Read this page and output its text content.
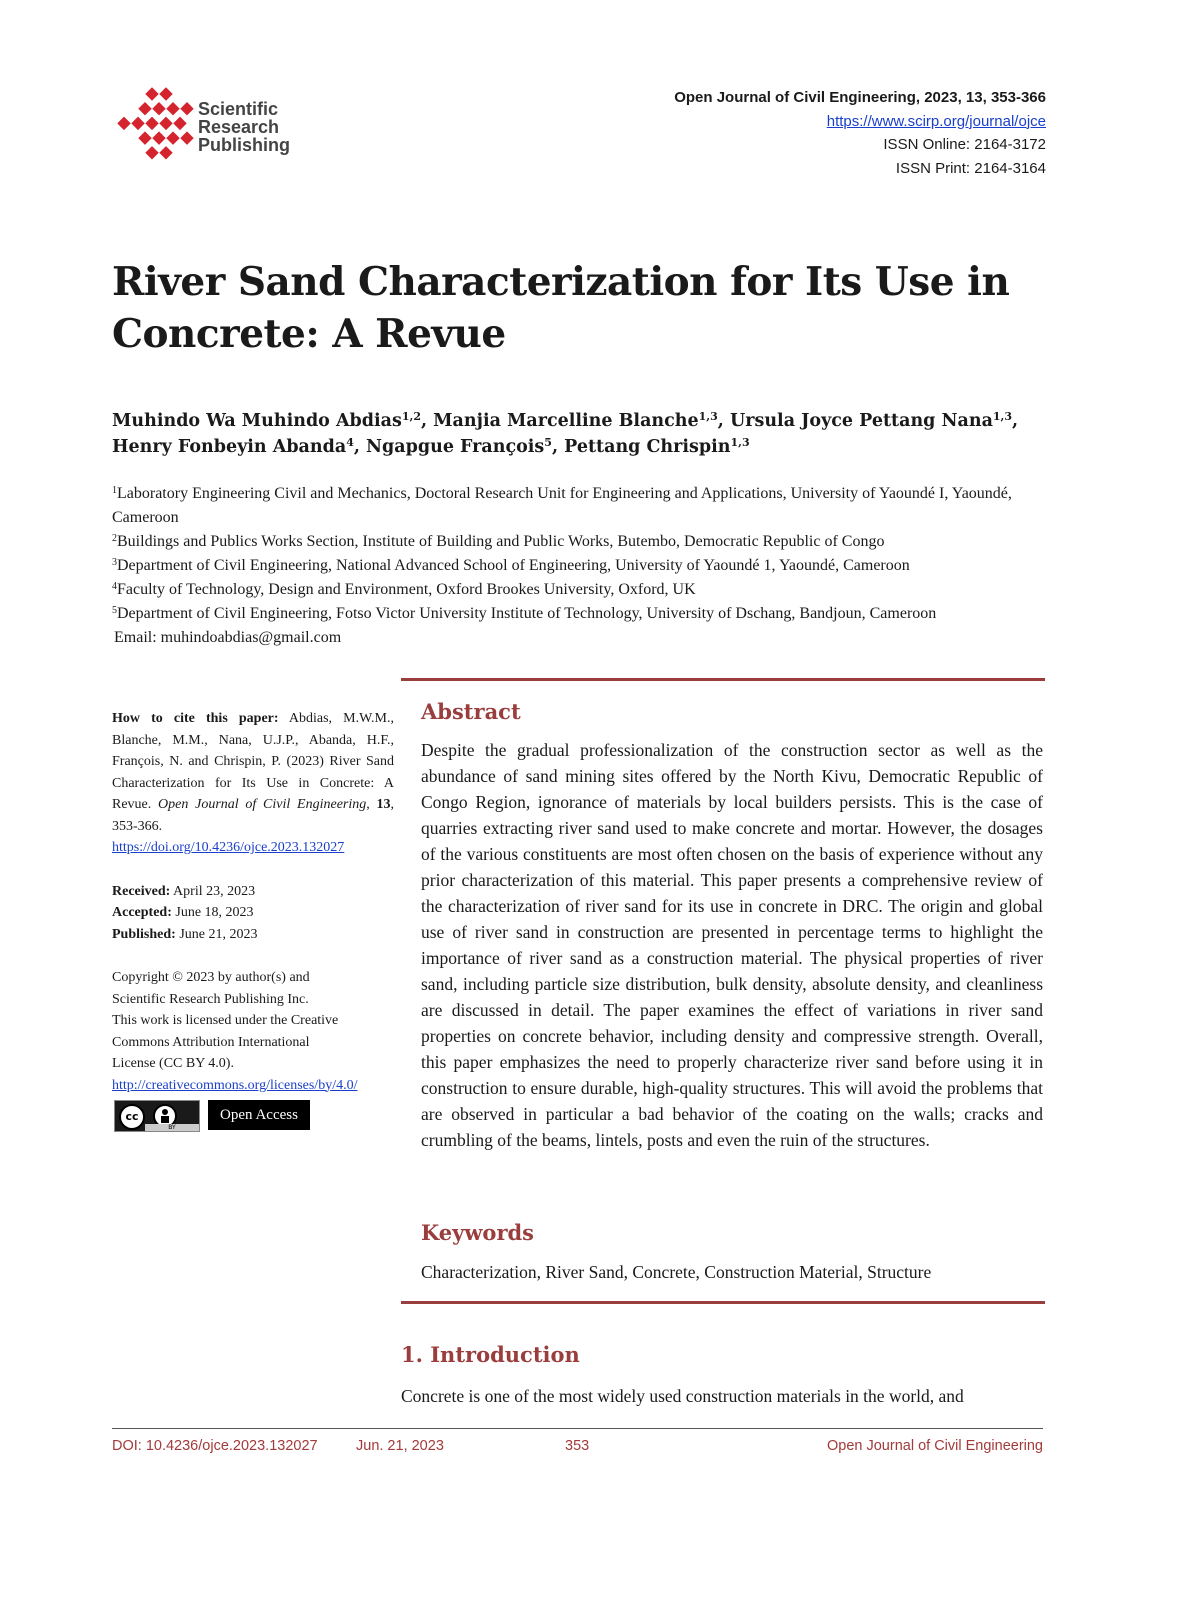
Scientific
Research
Publishing
Open Journal of Civil Engineering, 2023, 13, 353-366
https://www.scirp.org/journal/ojce
ISSN Online: 2164-3172
ISSN Print: 2164-3164
River Sand Characterization for Its Use in
Concrete: A Revue
Muhindo Wa Muhindo Abdias$^{1,2}$, Manjia Marcelline Blanche$^{1,3}$, Ursula Joyce Pettang Nana$^{1,3}$,
Henry Fonbeyin Abanda$^4$, Ngapgue François$^5$, Pettang Chrispin$^{1,3}$
$^1$Laboratory Engineering Civil and Mechanics, Doctoral Research Unit for Engineering and Applications, University of Yaoundé I, Yaoundé, Cameroon
$^2$Buildings and Publics Works Section, Institute of Building and Public Works, Butembo, Democratic Republic of Congo
$^3$Department of Civil Engineering, National Advanced School of Engineering, University of Yaoundé 1, Yaoundé, Cameroon
$^4$Faculty of Technology, Design and Environment, Oxford Brookes University, Oxford, UK
$^5$Department of Civil Engineering, Fotso Victor University Institute of Technology, University of Dschang, Bandjoun, Cameroon
Email: muhindoabdias@gmail.com
How to cite this paper: Abdias, M.W.M., Blanche, M.M., Nana, U.J.P., Abanda, H.F., François, N. and Chrispin, P. (2023) River Sand Characterization for Its Use in Concrete: A Revue. Open Journal of Civil Engineering, 13, 353-366.
https://doi.org/10.4236/ojce.2023.132027
Received: April 23, 2023
Accepted: June 18, 2023
Published: June 21, 2023
Copyright © 2023 by author(s) and
Scientific Research Publishing Inc.
This work is licensed under the Creative
Commons Attribution International
License (CC BY 4.0).
http://creativecommons.org/licenses/by/4.0/
cc
BY
Open Access
Abstract
Despite the gradual professionalization of the construction sector as well as the abundance of sand mining sites offered by the North Kivu, Democratic Republic of Congo Region, ignorance of materials by local builders persists. This is the case of quarries extracting river sand used to make concrete and mortar. However, the dosages of the various constituents are most often chosen on the basis of experience without any prior characterization of this material. This paper presents a comprehensive review of the characterization of river sand for its use in concrete in DRC. The origin and global use of river sand in construction are presented in percentage terms to highlight the importance of river sand as a construction material. The physical properties of river sand, including particle size distribution, bulk density, absolute density, and cleanliness are discussed in detail. The paper examines the effect of variations in river sand properties on concrete behavior, including density and compressive strength. Overall, this paper emphasizes the need to properly characterize river sand before using it in construction to ensure durable, high-quality structures. This will avoid the problems that are observed in particular a bad behavior of the coating on the walls; cracks and crumbling of the beams, lintels, posts and even the ruin of the structures.
Keywords
Characterization, River Sand, Concrete, Construction Material, Structure
1. Introduction
Concrete is one of the most widely used construction materials in the world, and
DOI: 10.4236/ojce.2023.132027	Jun. 21, 2023	353	Open Journal of Civil Engineering
